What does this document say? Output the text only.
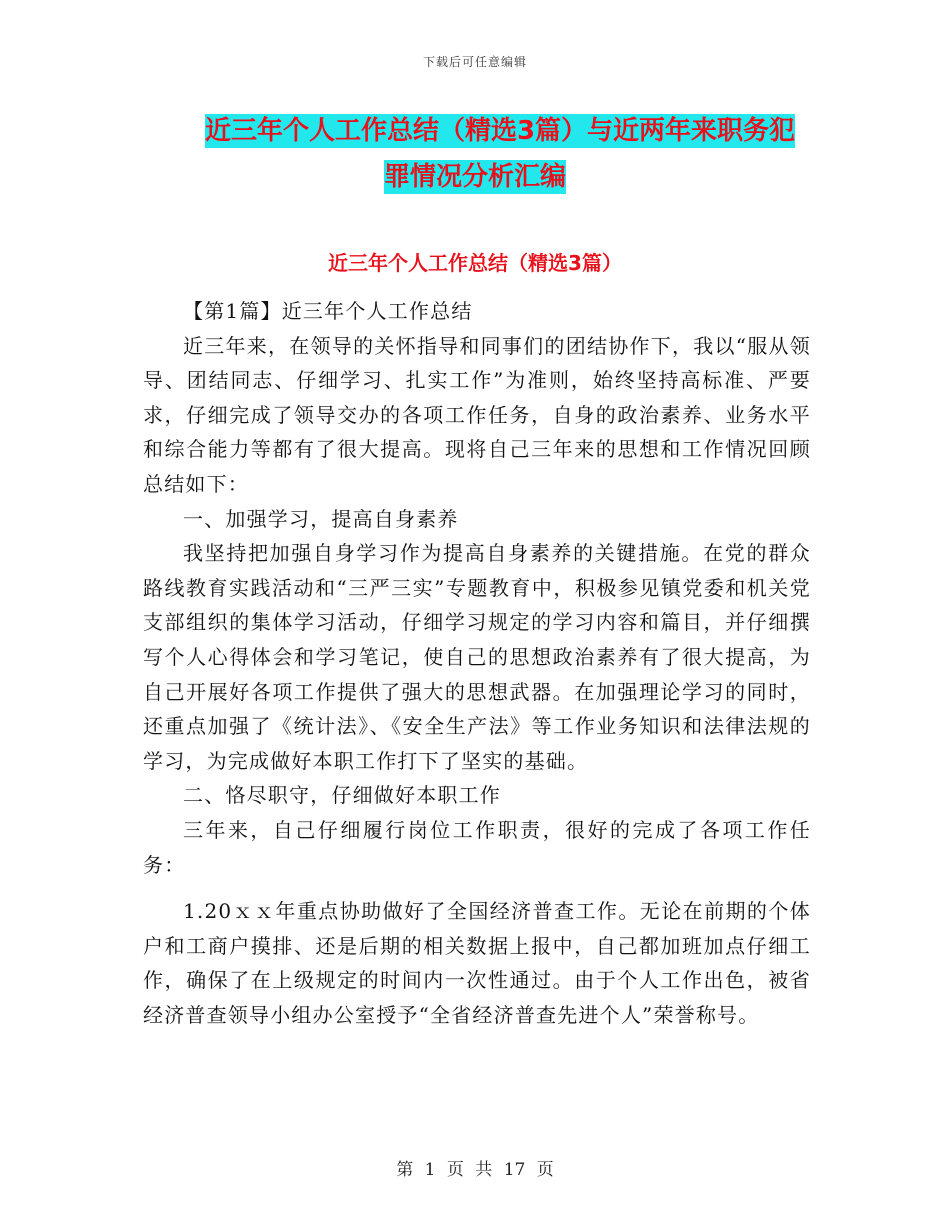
下载后可任意编辑
近三年个人工作总结（精选3篇）与近两年来职务犯
罪情况分析汇编
近三年个人工作总结（精选3篇）

【第1篇】近三年个人工作总结

近三年来，在领导的关怀指导和同事们的团结协作下，我以“服从领导、团结同志、仔细学习、扎实工作”为准则，始终坚持高标准、严要求，仔细完成了领导交办的各项工作任务，自身的政治素养、业务水平和综合能力等都有了很大提高。现将自己三年来的思想和工作情况回顾总结如下：

一、加强学习，提高自身素养

我坚持把加强自身学习作为提高自身素养的关键措施。在党的群众路线教育实践活动和“三严三实”专题教育中，积极参见镇党委和机关党支部组织的集体学习活动，仔细学习规定的学习内容和篇目，并仔细撰写个人心得体会和学习笔记，使自己的思想政治素养有了很大提高，为自己开展好各项工作提供了强大的思想武器。在加强理论学习的同时，还重点加强了《统计法》、《安全生产法》等工作业务知识和法律法规的学习，为完成做好本职工作打下了坚实的基础。

二、恪尽职守，仔细做好本职工作

三年来，自己仔细履行岗位工作职责，很好的完成了各项工作任务：

1.20ｘｘ年重点协助做好了全国经济普查工作。无论在前期的个体户和工商户摸排、还是后期的相关数据上报中，自己都加班加点仔细工作，确保了在上级规定的时间内一次性通过。由于个人工作出色，被省经济普查领导小组办公室授予“全省经济普查先进个人”荣誉称号。

第 1 页 共 17 页
